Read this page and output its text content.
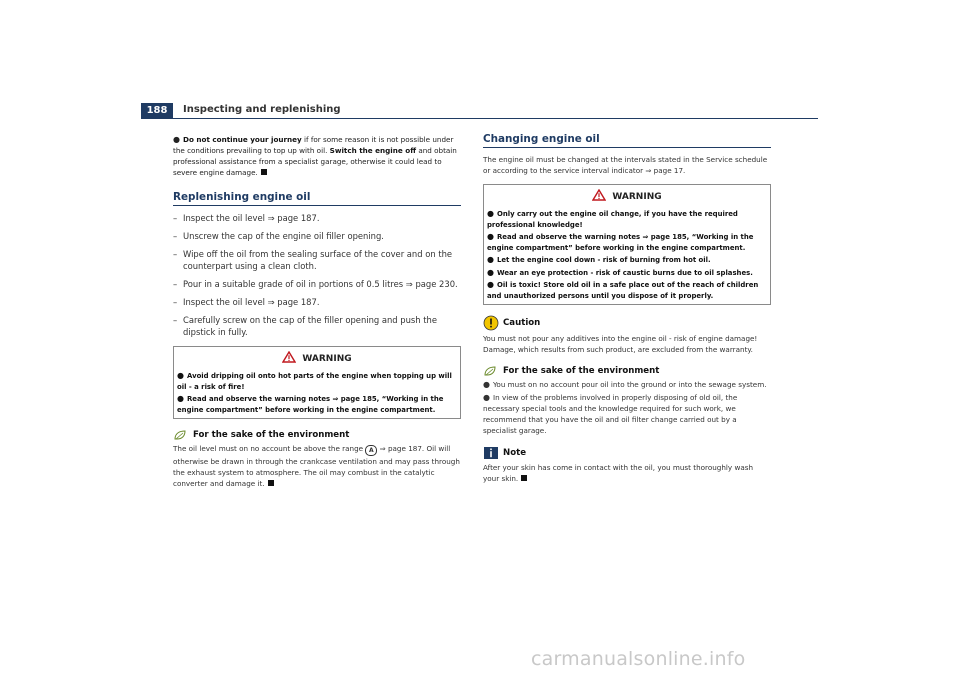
188	Inspecting and replenishing

● Do not continue your journey if for some reason it is not possible under the conditions prevailing to top up with oil. Switch the engine off and obtain professional assistance from a specialist garage, otherwise it could lead to severe engine damage.

Replenishing engine oil
– Inspect the oil level ⇒ page 187.
– Unscrew the cap of the engine oil filler opening.
– Wipe off the oil from the sealing surface of the cover and on the counterpart using a clean cloth.
– Pour in a suitable grade of oil in portions of 0.5 litres ⇒ page 230.
– Inspect the oil level ⇒ page 187.
– Carefully screw on the cap of the filler opening and push the dipstick in fully.
WARNING

● Avoid dripping oil onto hot parts of the engine when topping up will oil - a risk of fire!

● Read and observe the warning notes ⇒ page 185, “Working in the engine compartment” before working in the engine compartment.

For the sake of the environment

The oil level must on no account be above the range A ⇒ page 187. Oil will otherwise be drawn in through the crankcase ventilation and may pass through the exhaust system to atmosphere. The oil may combust in the catalytic converter and damage it.

Changing engine oil

The engine oil must be changed at the intervals stated in the Service schedule or according to the service interval indicator ⇒ page 17.

WARNING

● Only carry out the engine oil change, if you have the required professional knowledge!

● Read and observe the warning notes ⇒ page 185, “Working in the engine compartment” before working in the engine compartment.

● Let the engine cool down - risk of burning from hot oil.

● Wear an eye protection - risk of caustic burns due to oil splashes.

● Oil is toxic! Store old oil in a safe place out of the reach of children and unauthorized persons until you dispose of it properly.

Caution

You must not pour any additives into the engine oil - risk of engine damage! Damage, which results from such product, are excluded from the warranty.

For the sake of the environment

● You must on no account pour oil into the ground or into the sewage system.

● In view of the problems involved in properly disposing of old oil, the necessary special tools and the knowledge required for such work, we recommend that you have the oil and oil filter change carried out by a specialist garage.

Note

After your skin has come in contact with the oil, you must thoroughly wash your skin.

carmanualsonline.info
